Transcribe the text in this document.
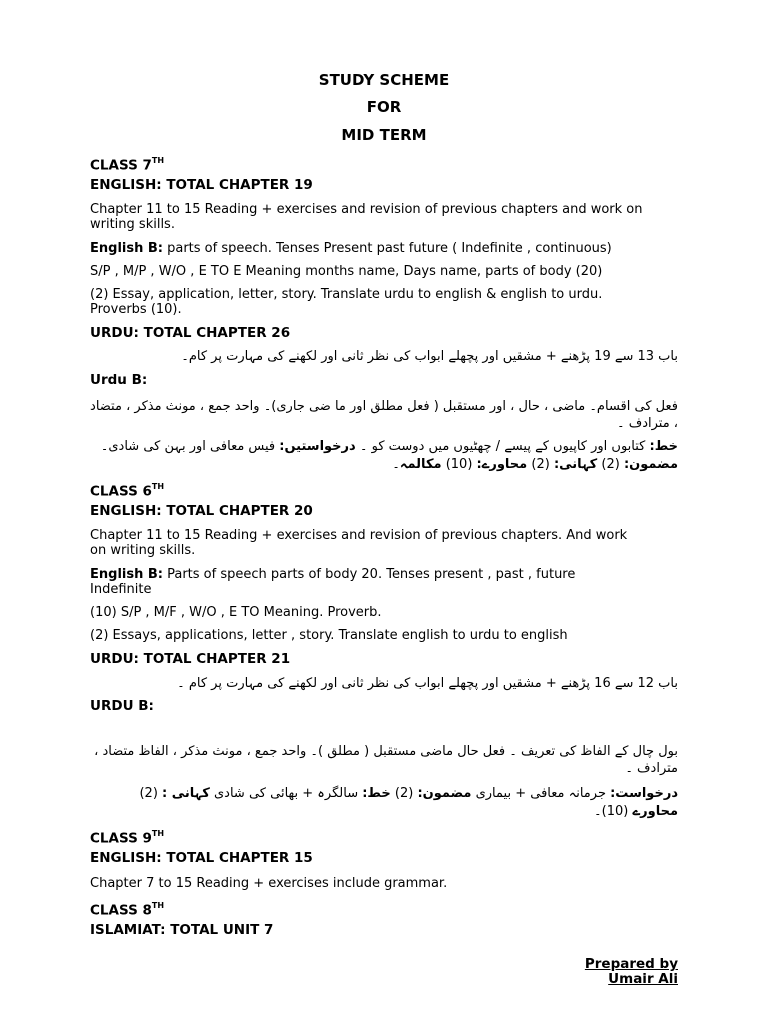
STUDY SCHEME
FOR
MID TERM
CLASS 7TH
ENGLISH: TOTAL CHAPTER 19
Chapter 11 to 15 Reading + exercises and revision of previous chapters and work on
writing skills.
English B: parts of speech. Tenses Present past future ( Indefinite , continuous)
S/P , M/P , W/O , E TO E Meaning months name, Days name, parts of body (20)
(2) Essay, application, letter, story. Translate urdu to english & english to urdu.
Proverbs (10).
URDU: TOTAL CHAPTER 26
باب 13 سے 19 پڑھنے + مشقیں اور پچھلے ابواب کی نظر ثانی اور لکھنے کی مہارت پر کام۔
Urdu B:
فعل کی اقسام۔ ماضی ، حال ، اور مستقبل ( فعل مطلق اور ما ضی جاری)۔ واحد جمع ، مونث مذکر ، متضاد ، مترادف ۔
خط: کتابوں اور کاپیوں کے پیسے / چھٹیوں میں دوست کو ۔ درخواستیں: فیس معافی اور بہن کی شادی۔ مضمون: (2) کہانی: (2) محاورے: (10) مکالمہ۔
CLASS 6TH
ENGLISH: TOTAL CHAPTER 20
Chapter 11 to 15 Reading + exercises and revision of previous chapters. And work
on writing skills.
English B: Parts of speech parts of body 20. Tenses present , past , future
Indefinite
(10) S/P , M/F , W/O , E TO Meaning. Proverb.
(2) Essays, applications, letter , story. Translate english to urdu to english
URDU: TOTAL CHAPTER 21
باب 12 سے 16 پڑھنے + مشقیں اور پچھلے ابواب کی نظر ثانی اور لکھنے کی مہارت پر کام ۔
URDU B:
بول چال کے الفاظ کی تعریف ۔ فعل حال ماضی مستقبل ( مطلق )۔ واحد جمع ، مونث مذکر ، الفاظ متضاد ، مترادف ۔
درخواست: جرمانہ معافی + بیماری مضمون: (2) خط: سالگرہ + بھائی کی شادی کہانی : (2) محاورے (10)۔
CLASS 9TH
ENGLISH: TOTAL CHAPTER 15
Chapter 7 to 15 Reading + exercises include grammar.
CLASS 8TH
ISLAMIAT: TOTAL UNIT 7
Prepared by
Umair Ali
